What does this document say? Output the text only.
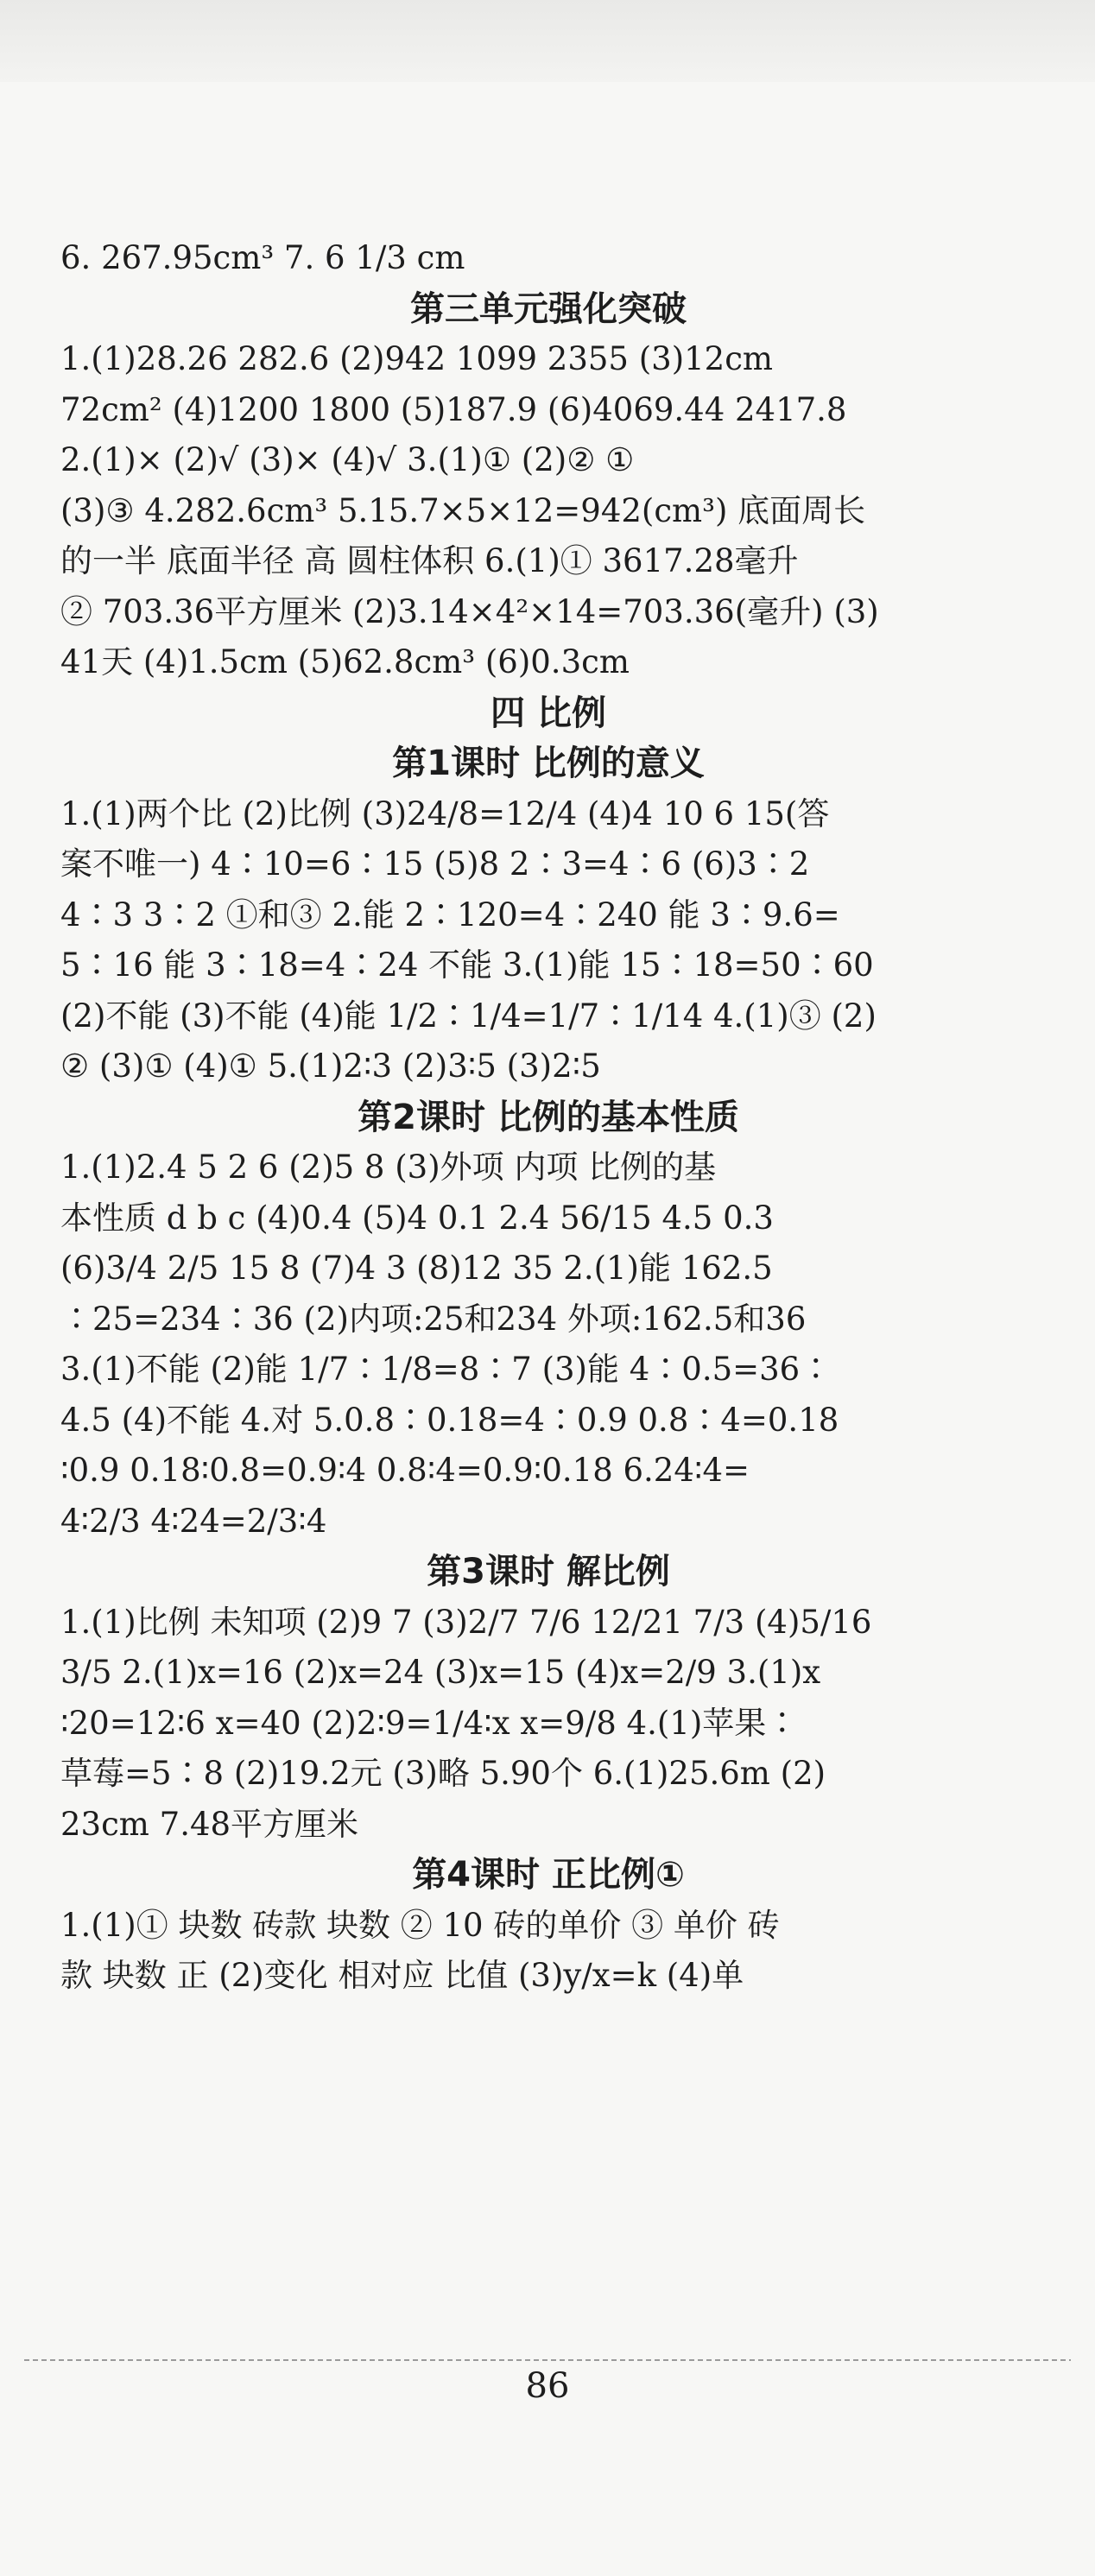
6. 267.95cm³ 7. 6 1/3 cm
第三单元强化突破
1.(1)28.26 282.6 (2)942 1099 2355 (3)12cm
72cm² (4)1200 1800 (5)187.9 (6)4069.44 2417.8
2.(1)× (2)√ (3)× (4)√ 3.(1)① (2)② ①
(3)③ 4.282.6cm³ 5.15.7×5×12=942(cm³) 底面周长
的一半 底面半径 高 圆柱体积 6.(1)① 3617.28毫升
② 703.36平方厘米 (2)3.14×4²×14=703.36(毫升) (3)
41天 (4)1.5cm (5)62.8cm³ (6)0.3cm
四 比例
第1课时 比例的意义
1.(1)两个比 (2)比例 (3)24/8=12/4 (4)4 10 6 15(答
案不唯一) 4∶10=6∶15 (5)8 2∶3=4∶6 (6)3∶2
4∶3 3∶2 ①和③ 2.能 2∶120=4∶240 能 3∶9.6=
5∶16 能 3∶18=4∶24 不能 3.(1)能 15∶18=50∶60
(2)不能 (3)不能 (4)能 1/2∶1/4=1/7∶1/14 4.(1)③ (2)
② (3)① (4)① 5.(1)2∶3 (2)3∶5 (3)2∶5
第2课时 比例的基本性质
1.(1)2.4 5 2 6 (2)5 8 (3)外项 内项 比例的基
本性质 d b c (4)0.4 (5)4 0.1 2.4 56/15 4.5 0.3
(6)3/4 2/5 15 8 (7)4 3 (8)12 35 2.(1)能 162.5
∶25=234∶36 (2)内项:25和234 外项:162.5和36
3.(1)不能 (2)能 1/7∶1/8=8∶7 (3)能 4∶0.5=36∶
4.5 (4)不能 4.对 5.0.8∶0.18=4∶0.9 0.8∶4=0.18
∶0.9 0.18∶0.8=0.9∶4 0.8∶4=0.9∶0.18 6.24∶4=
4∶2/3 4∶24=2/3∶4
第3课时 解比例
1.(1)比例 未知项 (2)9 7 (3)2/7 7/6 12/21 7/3 (4)5/16
3/5 2.(1)x=16 (2)x=24 (3)x=15 (4)x=2/9 3.(1)x
∶20=12∶6 x=40 (2)2∶9=1/4∶x x=9/8 4.(1)苹果∶
草莓=5∶8 (2)19.2元 (3)略 5.90个 6.(1)25.6m (2)
23cm 7.48平方厘米
第4课时 正比例①
1.(1)① 块数 砖款 块数 ② 10 砖的单价 ③ 单价 砖
款 块数 正 (2)变化 相对应 比值 (3)y/x=k (4)单
86
